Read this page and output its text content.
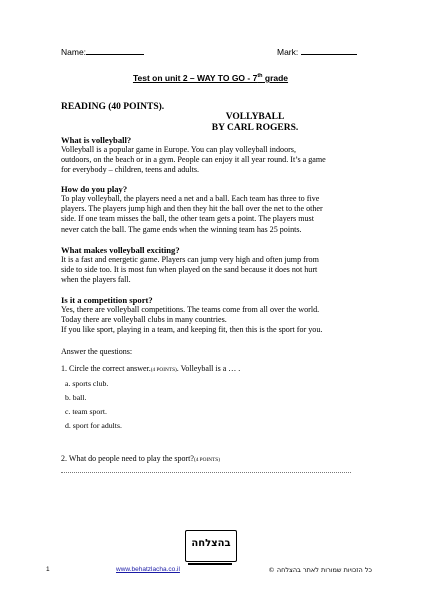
Name:	Mark:
Test on unit 2 – WAY TO GO - 7th grade
READING (40 POINTS).
VOLLYBALL
BY CARL ROGERS.
What is volleyball?
Volleyball is a popular game in Europe. You can play volleyball indoors,
outdoors, on the beach or in a gym. People can enjoy it all year round. It’s a game
for everybody – children, teens and adults.
How do you play?
To play volleyball, the players need a net and a ball. Each team has three to five
players. The players jump high and then they hit the ball over the net to the other
side. If one team misses the ball, the other team gets a point. The players must
never catch the ball. The game ends when the winning team has 25 points.
What makes volleyball exciting?
It is a fast and energetic game. Players can jump very high and often jump from
side to side too. It is most fun when played on the sand because it does not hurt
when the players fall.
Is it a competition sport?
Yes, there are volleyball competitions. The teams come from all over the world.
Today there are volleyball clubs in many countries.
If you like sport, playing in a team, and keeping fit, then this is the sport for you.
Answer the questions:
1. Circle the correct answer.(4 POINTS). Volleyball is a … .
a. sports club.
b. ball.
c. team sport.
d. sport for adults.
2. What do people need to play the sport?(4 POINTS)
בהצלחה
1	www.behatzlacha.co.il	כל הזכויות שמורות לאתר בהצלחה ©
